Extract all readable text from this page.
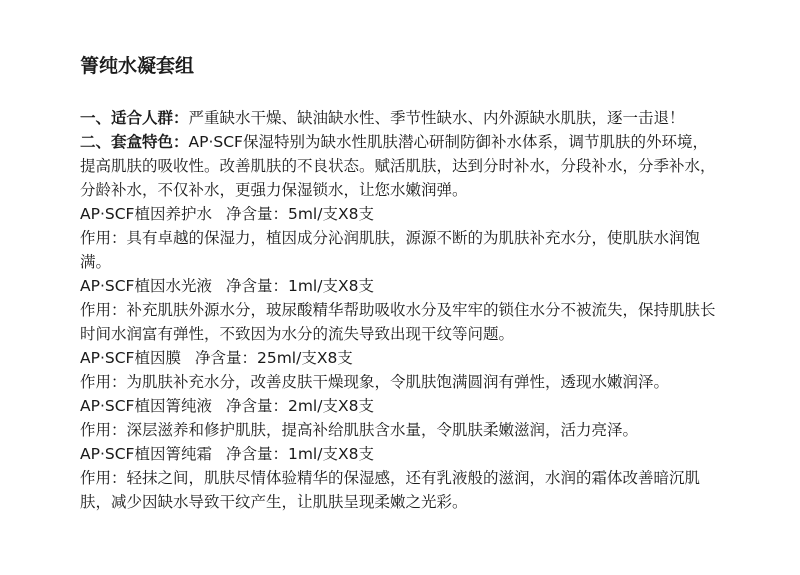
箐纯水凝套组

一、适合人群：严重缺水干燥、缺油缺水性、季节性缺水、内外源缺水肌肤，逐一击退！

二、套盒特色：AP·SCF保湿特别为缺水性肌肤潜心研制防御补水体系，调节肌肤的外环境，提高肌肤的吸收性。改善肌肤的不良状态。赋活肌肤，达到分时补水，分段补水，分季补水，分龄补水，不仅补水，更强力保湿锁水，让您水嫩润弹。

AP·SCF植因养护水 净含量：5ml/支X8支

作用：具有卓越的保湿力，植因成分沁润肌肤，源源不断的为肌肤补充水分，使肌肤水润饱满。

AP·SCF植因水光液 净含量：1ml/支X8支

作用：补充肌肤外源水分，玻尿酸精华帮助吸收水分及牢牢的锁住水分不被流失，保持肌肤长时间水润富有弹性，不致因为水分的流失导致出现干纹等问题。

AP·SCF植因膜 净含量：25ml/支X8支

作用：为肌肤补充水分，改善皮肤干燥现象，令肌肤饱满圆润有弹性，透现水嫩润泽。

AP·SCF植因箐纯液 净含量：2ml/支X8支

作用：深层滋养和修护肌肤，提高补给肌肤含水量，令肌肤柔嫩滋润，活力亮泽。

AP·SCF植因箐纯霜 净含量：1ml/支X8支

作用：轻抹之间，肌肤尽情体验精华的保湿感，还有乳液般的滋润，水润的霜体改善暗沉肌肤，减少因缺水导致干纹产生，让肌肤呈现柔嫩之光彩。
